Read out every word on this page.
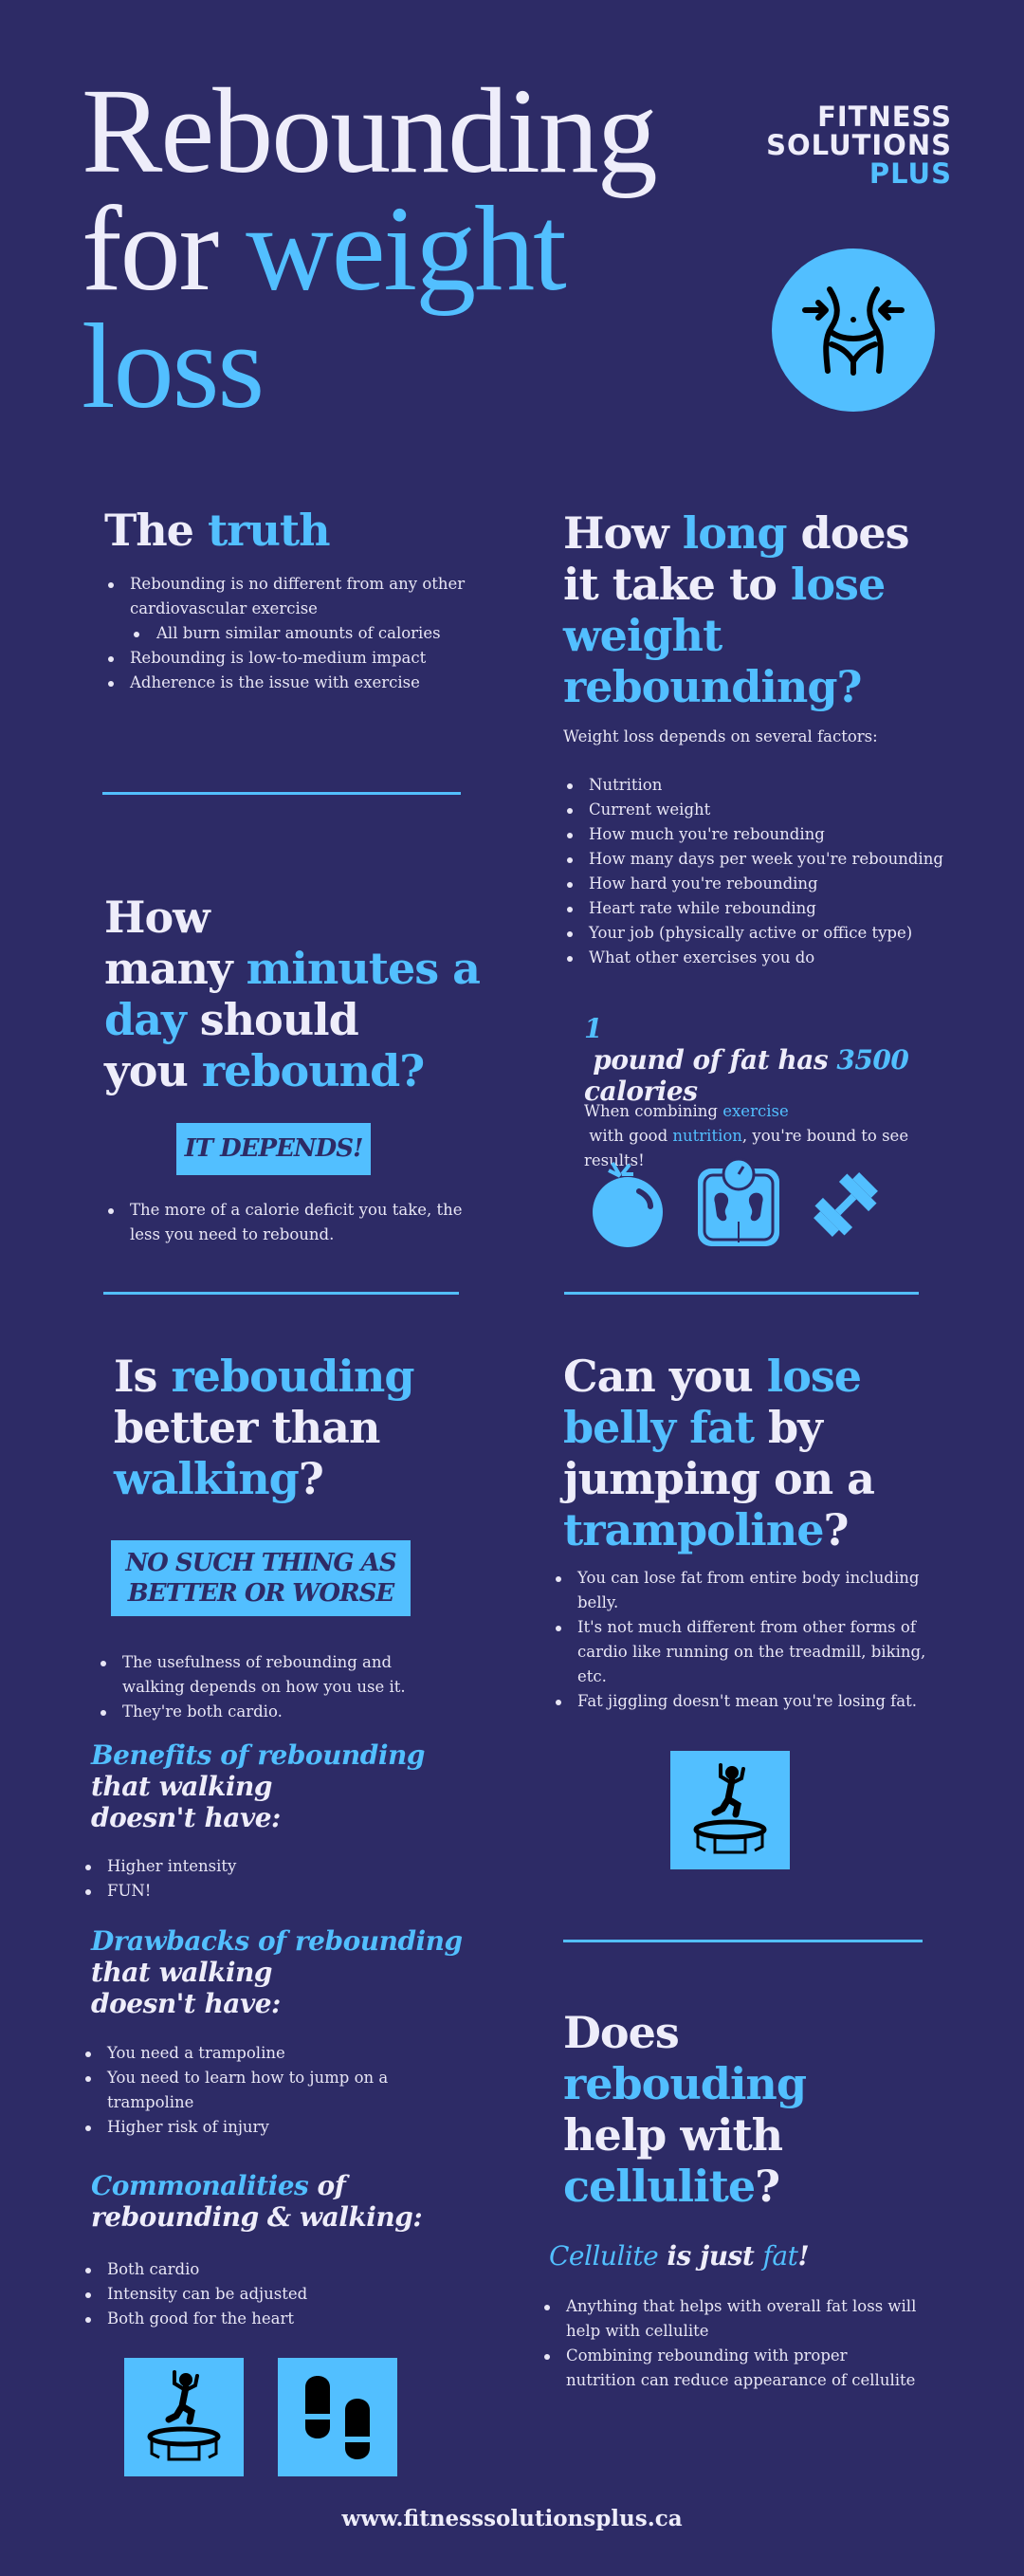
Rebounding
for weight
loss
FITNESS
SOLUTIONS
PLUS
The truth
Rebounding is no different from any other cardiovascular exercise
All burn similar amounts of calories
Rebounding is low-to-medium impact
Adherence is the issue with exercise
How long does
it take to lose
weight
rebounding?
Weight loss depends on several factors:
Nutrition
Current weight
How much you're rebounding
How many days per week you're rebounding
How hard you're rebounding
Heart rate while rebounding
Your job (physically active or office type)
What other exercises you do
1 pound of fat has 3500
calories
When combining exercise with good nutrition, you're bound to see results!
How
many minutes a
day should
you rebound?
IT DEPENDS!
The more of a calorie deficit you take, the less you need to rebound.
Is rebouding
better than
walking?
NO SUCH THING AS
BETTER OR WORSE
The usefulness of rebounding and walking depends on how you use it.
They're both cardio.
Benefits of rebounding
that walking
doesn't have:
Higher intensity
FUN!
Drawbacks of rebounding
that walking
doesn't have:
You need a trampoline
You need to learn how to jump on a trampoline
Higher risk of injury
Commonalities of
rebounding & walking:
Both cardio
Intensity can be adjusted
Both good for the heart
Can you lose
belly fat by
jumping on a
trampoline?
You can lose fat from entire body including belly.
It's not much different from other forms of cardio like running on the treadmill, biking, etc.
Fat jiggling doesn't mean you're losing fat.
Does
rebouding
help with
cellulite?
Cellulite is just fat!
Anything that helps with overall fat loss will help with cellulite
Combining rebounding with proper nutrition can reduce appearance of cellulite
www.fitnesssolutionsplus.ca
